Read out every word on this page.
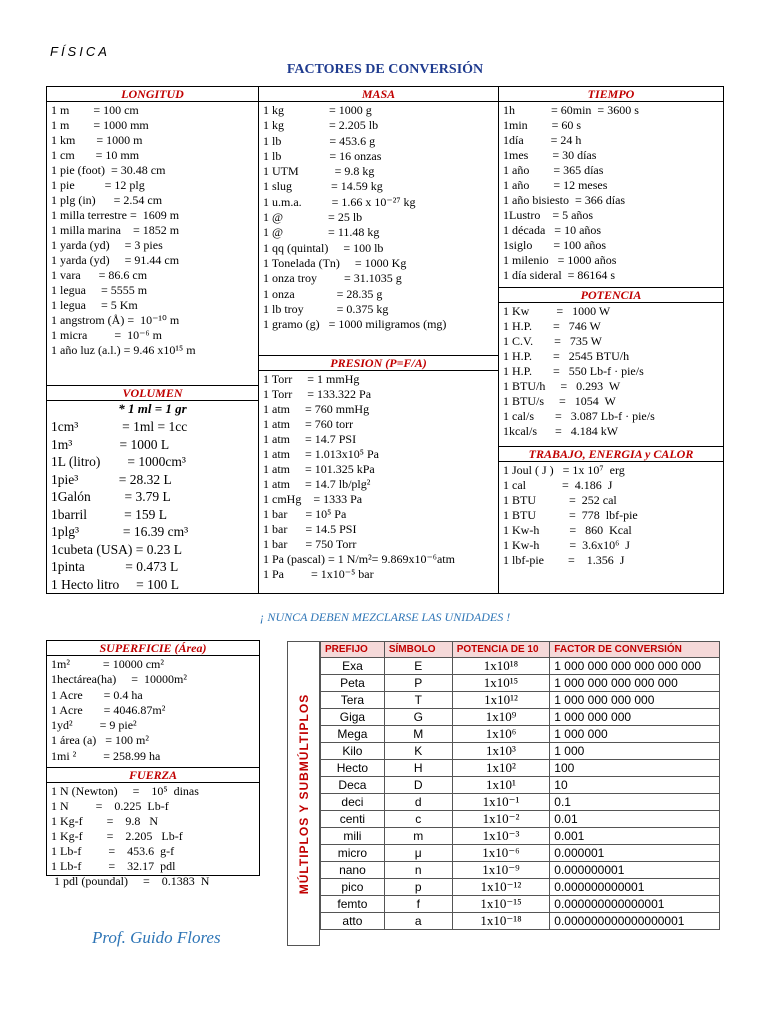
FÍSICA
FACTORES DE CONVERSIÓN
LONGITUD
1 m        = 100 cm
1 m        = 1000 mm
1 km       = 1000 m
1 cm       = 10 mm
1 pie (foot)  = 30.48 cm
1 pie          = 12 plg
1 plg (in)      = 2.54 cm
1 milla terrestre =  1609 m
1 milla marina    = 1852 m
1 yarda (yd)     = 3 pies
1 yarda (yd)     = 91.44 cm
1 vara      = 86.6 cm
1 legua     = 5555 m
1 legua     = 5 Km
1 angstrom (Å) =  10⁻¹⁰ m
1 micra         =  10⁻⁶ m
1 año luz (a.l.) = 9.46 x10¹⁵ m
VOLUMEN
* 1 ml = 1 gr
1cm³             = 1ml = 1cc
1m³              = 1000 L
1L (litro)        = 1000cm³
1pie³            = 28.32 L
1Galón          = 3.79 L
1barril           = 159 L
1plg³             = 16.39 cm³
1cubeta (USA) = 0.23 L
1pinta            = 0.473 L
1 Hecto litro     = 100 L
MASA
1 kg               = 1000 g
1 kg               = 2.205 lb
1 lb                = 453.6 g
1 lb                = 16 onzas
1 UTM            = 9.8 kg
1 slug             = 14.59 kg
1 u.m.a.          = 1.66 x 10⁻²⁷ kg
1 @               = 25 lb
1 @               = 11.48 kg
1 qq (quintal)     = 100 lb
1 Tonelada (Tn)     = 1000 Kg
1 onza troy         = 31.1035 g
1 onza              = 28.35 g
1 lb troy           = 0.375 kg
1 gramo (g)   = 1000 miligramos (mg)
PRESION (P=F/A)
1 Torr     = 1 mmHg
1 Torr     = 133.322 Pa
1 atm     = 760 mmHg
1 atm     = 760 torr
1 atm     = 14.7 PSI
1 atm     = 1.013x10⁵ Pa
1 atm     = 101.325 kPa
1 atm     = 14.7 lb/plg²
1 cmHg    = 1333 Pa
1 bar      = 10⁵ Pa
1 bar      = 14.5 PSI
1 bar      = 750 Torr
1 Pa (pascal) = 1 N/m²= 9.869x10⁻⁶atm
1 Pa         = 1x10⁻⁵ bar
TIEMPO
1h            = 60min  = 3600 s
1min        = 60 s
1día         = 24 h
1mes        = 30 días
1 año        = 365 días
1 año        = 12 meses
1 año bisiesto  = 366 días
1Lustro    = 5 años
1 década   = 10 años
1siglo       = 100 años
1 milenio   = 1000 años
1 día sideral  = 86164 s
POTENCIA
1 Kw         =   1000 W
1 H.P.       =   746 W
1 C.V.       =   735 W
1 H.P.       =   2545 BTU/h
1 H.P.       =   550 Lb-f · pie/s
1 BTU/h     =   0.293  W
1 BTU/s     =   1054  W
1 cal/s       =   3.087 Lb-f · pie/s
1kcal/s      =   4.184 kW
TRABAJO, ENERGIA y CALOR
1 Joul ( J )   = 1x 10⁷  erg
1 cal            =  4.186  J
1 BTU           =  252 cal
1 BTU           =  778  lbf-pie
1 Kw-h          =   860  Kcal
1 Kw-h          =  3.6x10⁶  J
1 lbf-pie        =    1.356  J
¡ NUNCA DEBEN MEZCLARSE LAS UNIDADES !
SUPERFICIE (Área)
1m²           = 10000 cm²
1hectárea(ha)     =  10000m²
1 Acre       = 0.4 ha
1 Acre       = 4046.87m²
1yd²         = 9 pie²
1 área (a)   = 100 m²
1mi ²         = 258.99 ha
FUERZA
1 N (Newton)     =    10⁵  dinas
1 N         =    0.225  Lb-f
1 Kg-f        =    9.8   N
1 Kg-f        =    2.205   Lb-f
1 Lb-f         =    453.6  g-f
1 Lb-f         =    32.17  pdl
1 pdl (poundal)     =    0.1383  N	MÚLTIPLOS Y SUBMÚLTIPLOS
PREFIJO	SÍMBOLO	POTENCIA DE 10	FACTOR DE CONVERSIÓN
Exa	E	1x10¹⁸	1 000 000 000 000 000 000
Peta	P	1x10¹⁵	1 000 000 000 000 000
Tera	T	1x10¹²	1 000 000 000 000
Giga	G	1x10⁹	1 000 000 000
Mega	M	1x10⁶	1 000 000
Kilo	K	1x10³	1 000
Hecto	H	1x10²	100
Deca	D	1x10¹	10
deci	d	1x10⁻¹	0.1
centi	c	1x10⁻²	0.01
mili	m	1x10⁻³	0.001
micro	μ	1x10⁻⁶	0.000001
nano	n	1x10⁻⁹	0.000000001
pico	p	1x10⁻¹²	0.000000000001
femto	f	1x10⁻¹⁵	0.000000000000001
atto	a	1x10⁻¹⁸	0.000000000000000001
Prof. Guido Flores
